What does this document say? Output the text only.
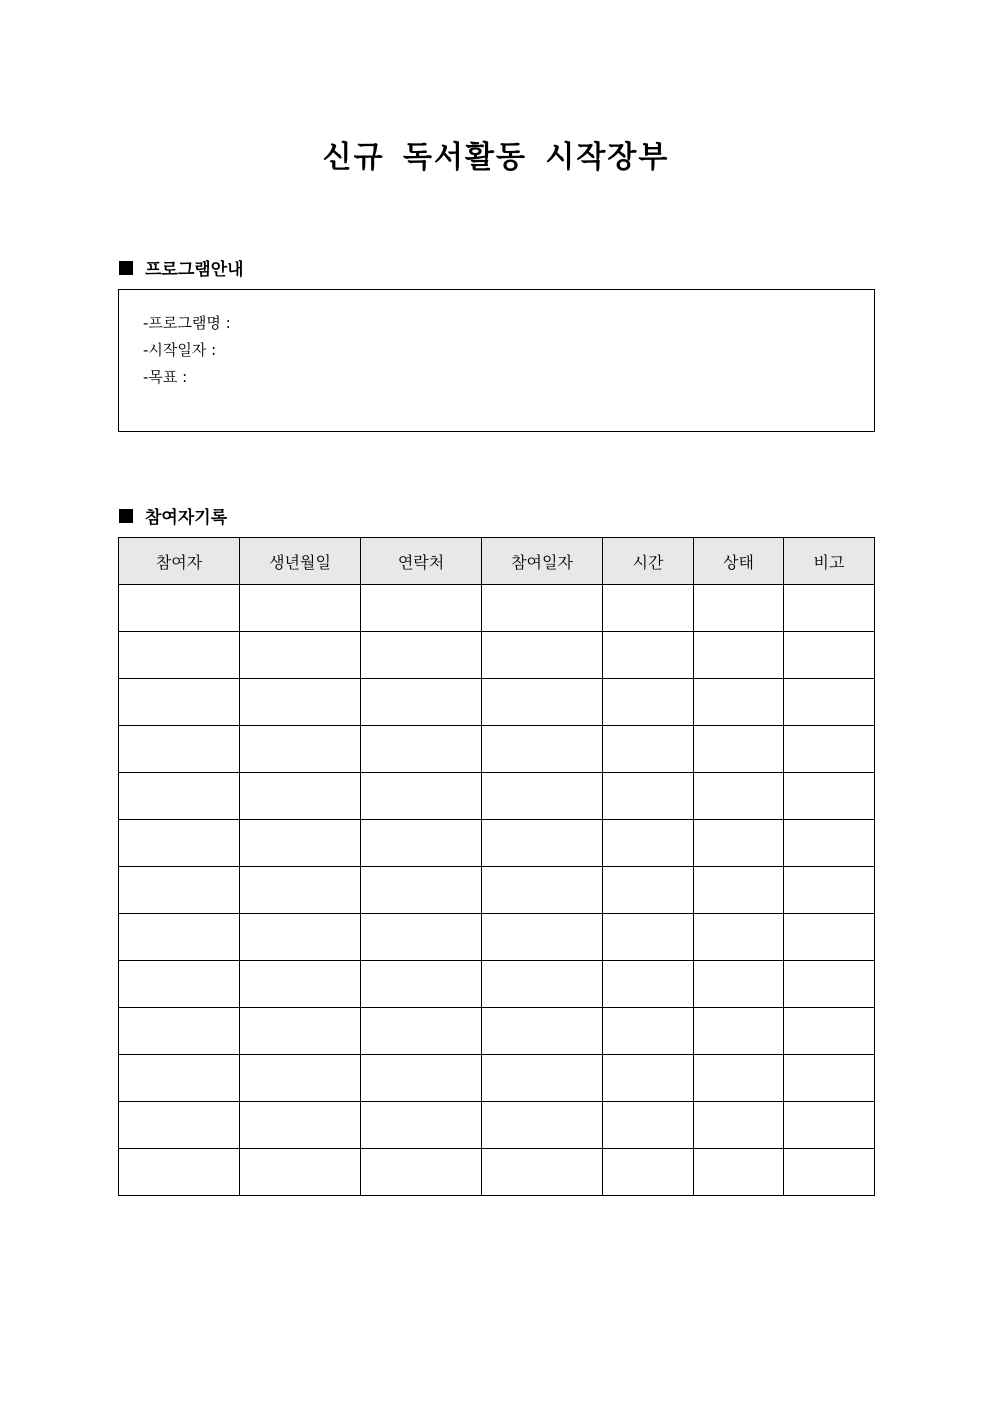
신규 독서활동 시작장부
프로그램안내
-프로그램명 :
-시작일자 :
-목표 :
참여자기록
참여자	생년월일	연락처	참여일자	시간	상태	비고
